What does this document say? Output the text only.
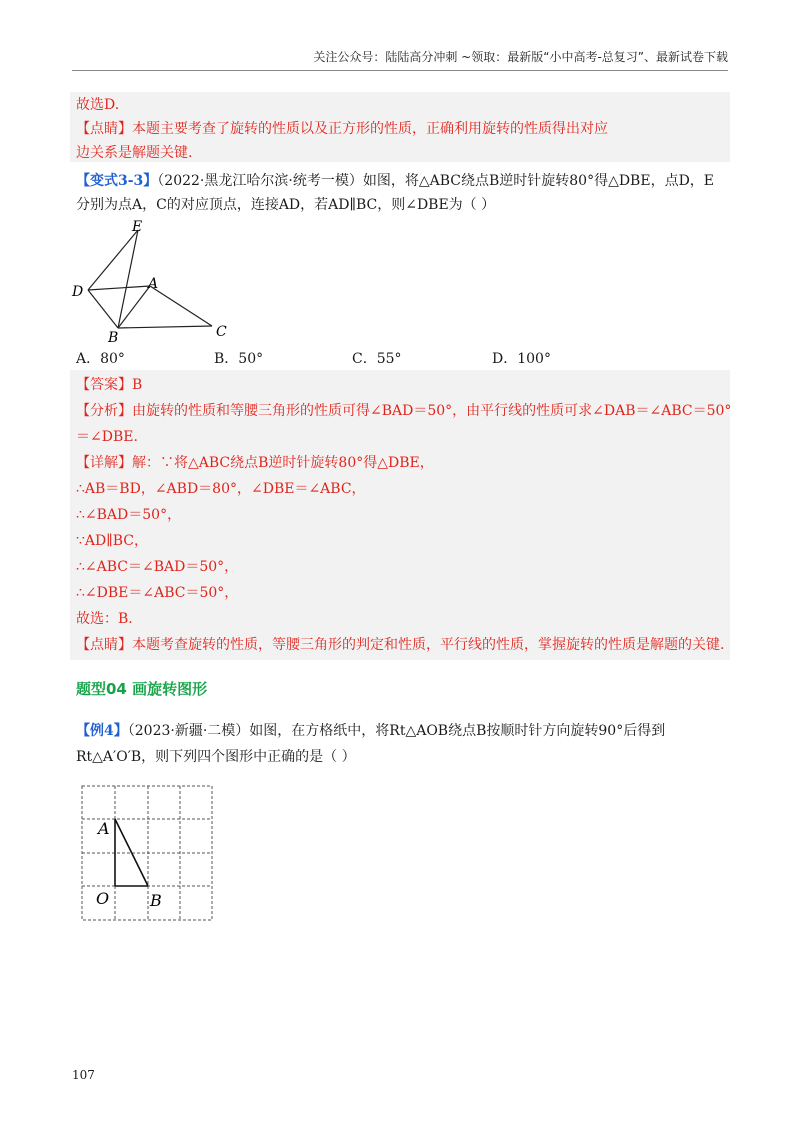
关注公众号：陆陆高分冲刺 ~领取：最新版“小中高考-总复习”、最新试卷下载
故选D.
【点睛】本题主要考查了旋转的性质以及正方形的性质，正确利用旋转的性质得出对应
边关系是解题关键.
【变式3-3】（2022·黑龙江哈尔滨·统考一模）如图，将△ABC绕点B逆时针旋转80°得△DBE，点D，E
分别为点A，C的对应顶点，连接AD，若AD∥BC，则∠DBE为（ ）
E
D	A
B	C
A．80°	B．50°	C．55°	D．100°
【答案】B
【分析】由旋转的性质和等腰三角形的性质可得∠BAD＝50°，由平行线的性质可求∠DAB＝∠ABC＝50°
＝∠DBE.
【详解】解：∵将△ABC绕点B逆时针旋转80°得△DBE，
∴AB＝BD，∠ABD＝80°，∠DBE＝∠ABC，
∴∠BAD＝50°，
∵AD∥BC，
∴∠ABC＝∠BAD＝50°，
∴∠DBE＝∠ABC＝50°，
故选：B.
【点睛】本题考查旋转的性质，等腰三角形的判定和性质，平行线的性质，掌握旋转的性质是解题的关键.
题型04 画旋转图形
【例4】（2023·新疆·二模）如图，在方格纸中，将Rt△AOB绕点B按顺时针方向旋转90°后得到
Rt△A′O′B，则下列四个图形中正确的是（ ）
A
O	B
107
